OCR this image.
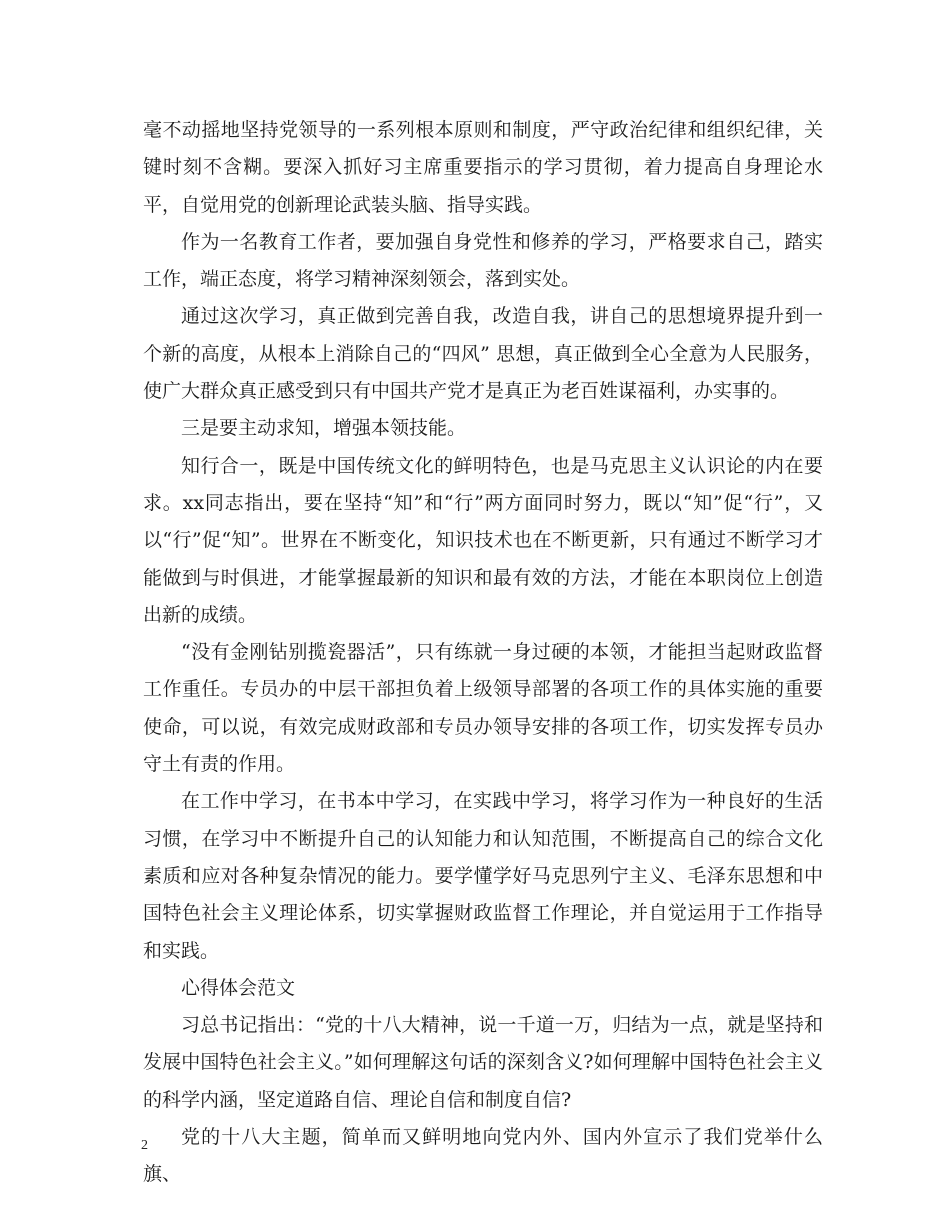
毫不动摇地坚持党领导的一系列根本原则和制度，严守政治纪律和组织纪律，关键时刻不含糊。要深入抓好习主席重要指示的学习贯彻，着力提高自身理论水平，自觉用党的创新理论武装头脑、指导实践。

作为一名教育工作者，要加强自身党性和修养的学习，严格要求自己，踏实工作，端正态度，将学习精神深刻领会，落到实处。

通过这次学习，真正做到完善自我，改造自我，讲自己的思想境界提升到一个新的高度，从根本上消除自己的“四风” 思想，真正做到全心全意为人民服务，使广大群众真正感受到只有中国共产党才是真正为老百姓谋福利，办实事的。

三是要主动求知，增强本领技能。

知行合一，既是中国传统文化的鲜明特色，也是马克思主义认识论的内在要求。xx同志指出，要在坚持“知”和“行”两方面同时努力，既以“知”促“行”，又以“行”促“知”。世界在不断变化，知识技术也在不断更新，只有通过不断学习才能做到与时俱进，才能掌握最新的知识和最有效的方法，才能在本职岗位上创造出新的成绩。

“没有金刚钻别揽瓷器活”，只有练就一身过硬的本领，才能担当起财政监督工作重任。专员办的中层干部担负着上级领导部署的各项工作的具体实施的重要使命，可以说，有效完成财政部和专员办领导安排的各项工作，切实发挥专员办守土有责的作用。

在工作中学习，在书本中学习，在实践中学习，将学习作为一种良好的生活习惯，在学习中不断提升自己的认知能力和认知范围，不断提高自己的综合文化素质和应对各种复杂情况的能力。要学懂学好马克思列宁主义、毛泽东思想和中国特色社会主义理论体系，切实掌握财政监督工作理论，并自觉运用于工作指导和实践。

心得体会范文

习总书记指出：“党的十八大精神，说一千道一万，归结为一点，就是坚持和发展中国特色社会主义。”如何理解这句话的深刻含义?如何理解中国特色社会主义的科学内涵，坚定道路自信、理论自信和制度自信?

党的十八大主题，简单而又鲜明地向党内外、国内外宣示了我们党举什么旗、

2
